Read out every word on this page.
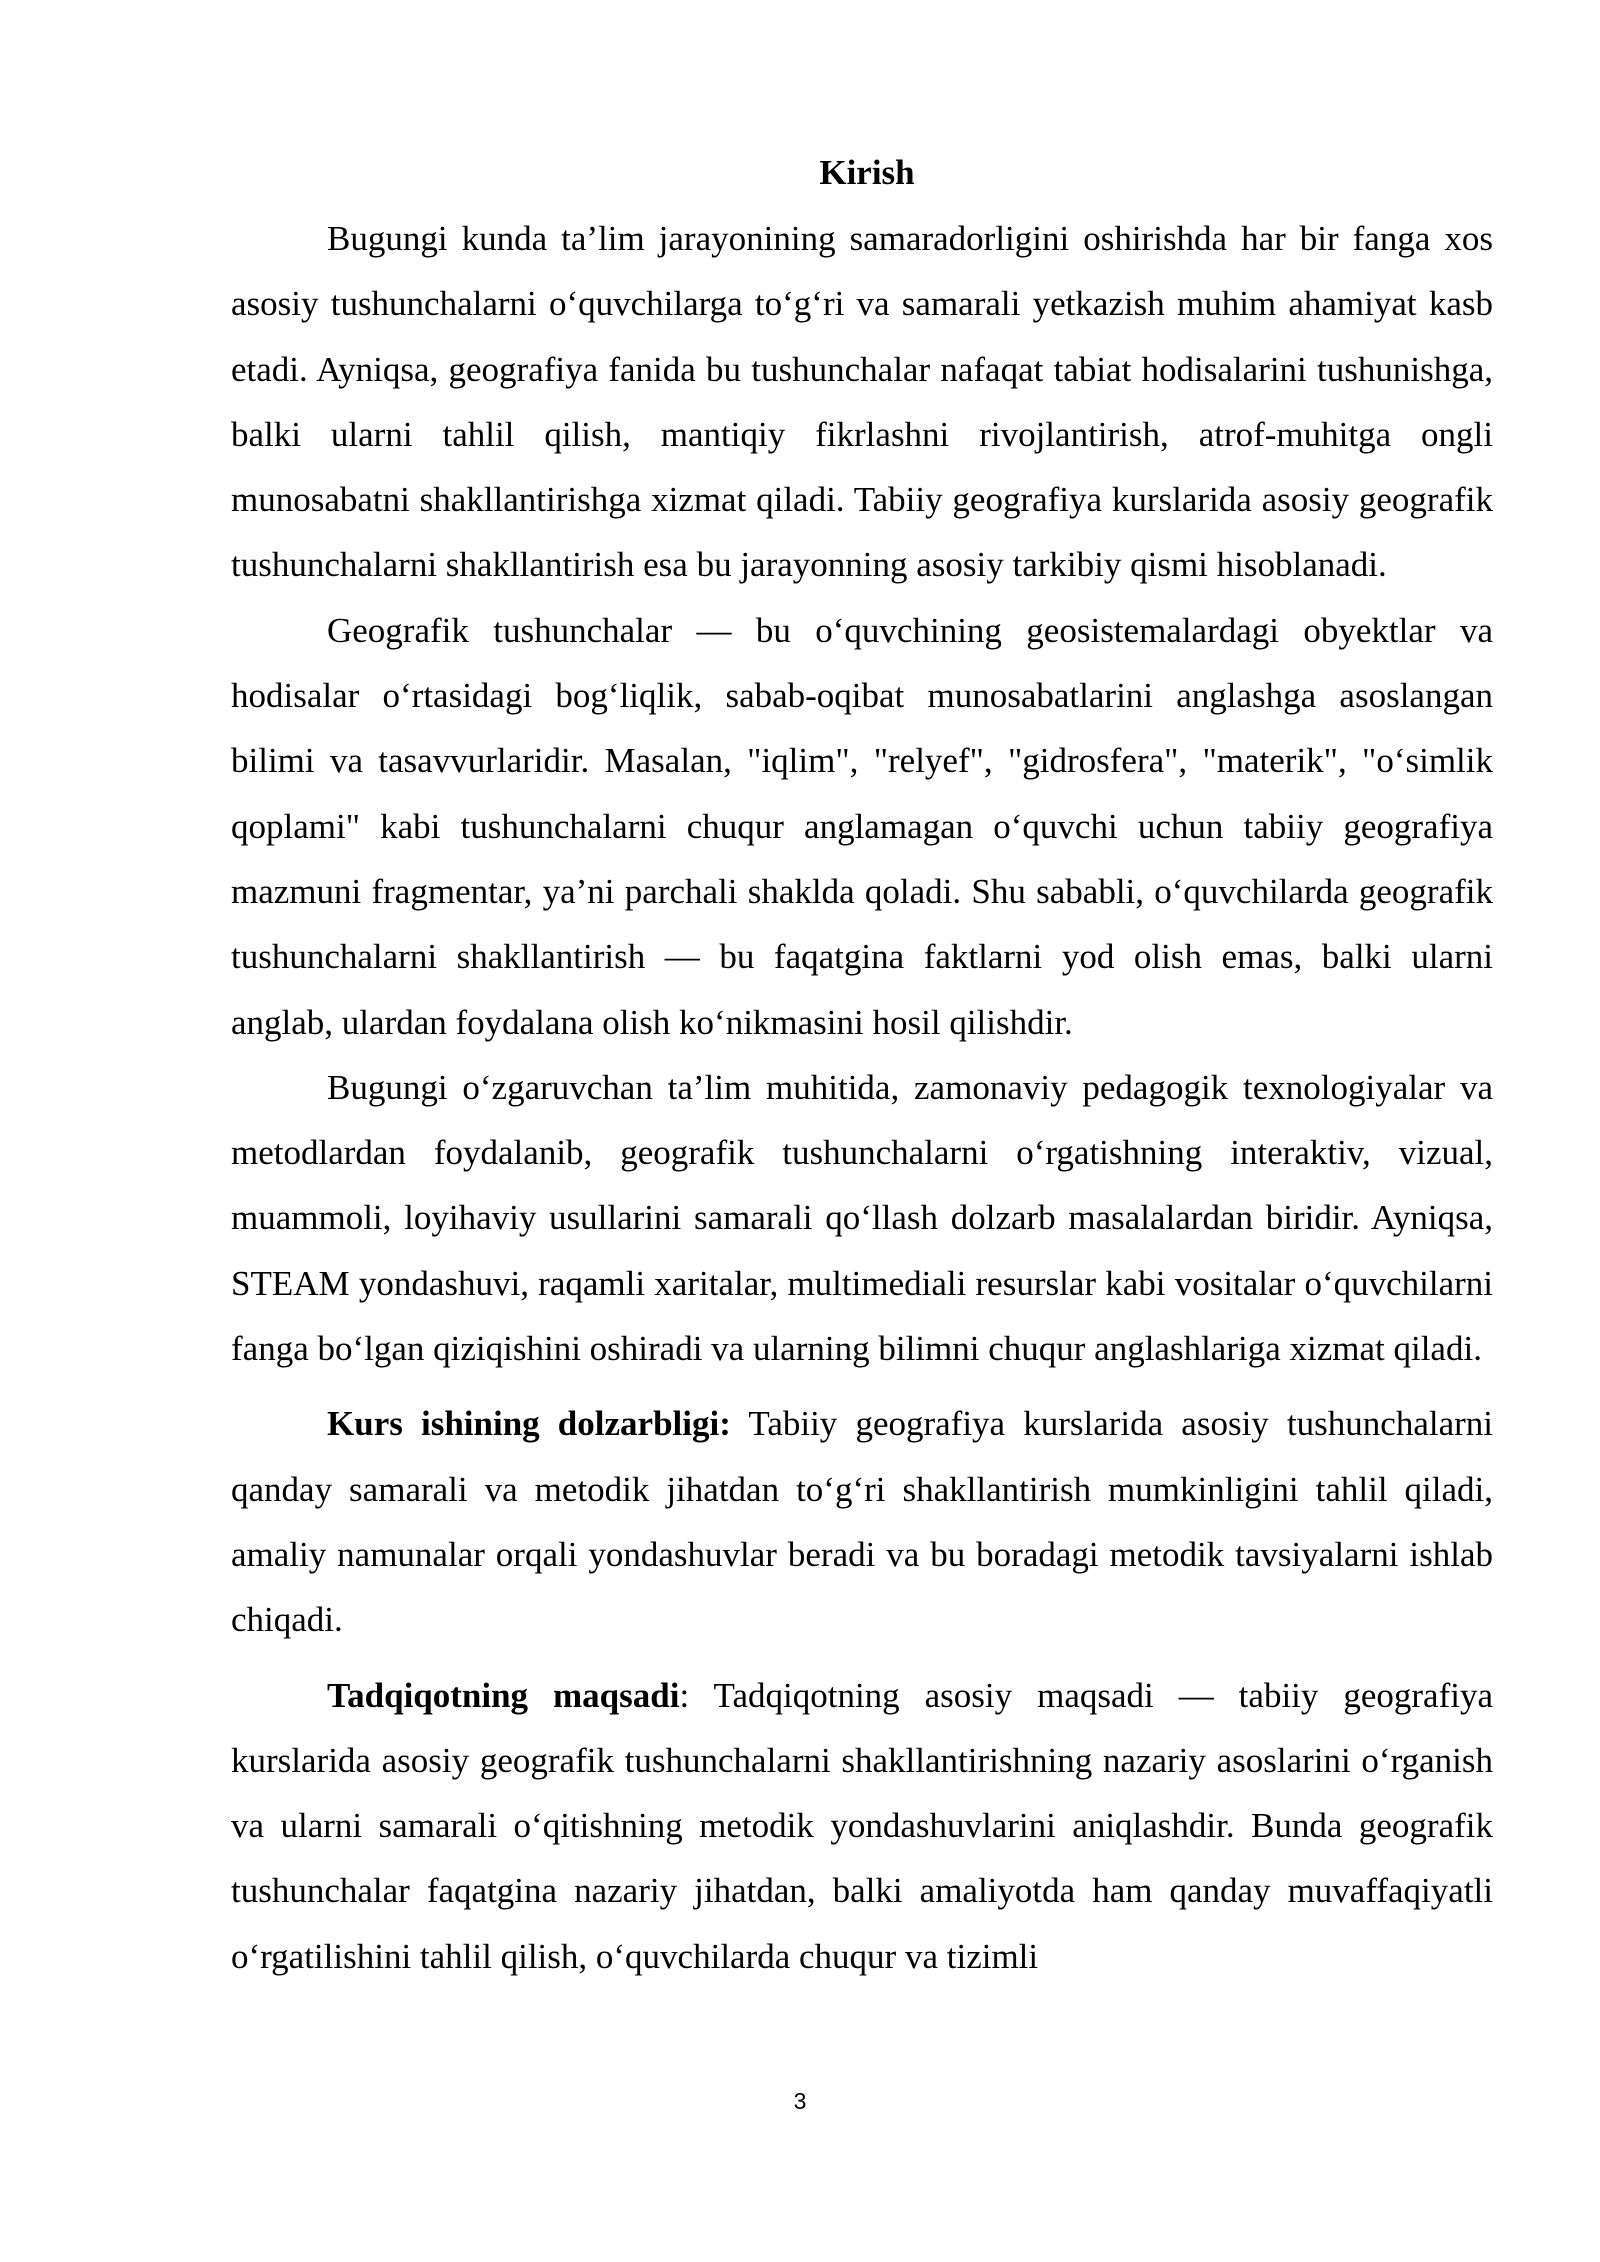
Kirish

Bugungi kunda ta’lim jarayonining samaradorligini oshirishda har bir fanga xos asosiy tushunchalarni o‘quvchilarga to‘g‘ri va samarali yetkazish muhim ahamiyat kasb etadi. Ayniqsa, geografiya fanida bu tushunchalar nafaqat tabiat hodisalarini tushunishga, balki ularni tahlil qilish, mantiqiy fikrlashni rivojlantirish, atrof-muhitga ongli munosabatni shakllantirishga xizmat qiladi. Tabiiy geografiya kurslarida asosiy geografik tushunchalarni shakllantirish esa bu jarayonning asosiy tarkibiy qismi hisoblanadi.

Geografik tushunchalar — bu o‘quvchining geosistemalardagi obyektlar va hodisalar o‘rtasidagi bog‘liqlik, sabab-oqibat munosabatlarini anglashga asoslangan bilimi va tasavvurlaridir. Masalan, "iqlim", "relyef", "gidrosfera", "materik", "o‘simlik qoplami" kabi tushunchalarni chuqur anglamagan o‘quvchi uchun tabiiy geografiya mazmuni fragmentar, ya’ni parchali shaklda qoladi. Shu sababli, o‘quvchilarda geografik tushunchalarni shakllantirish — bu faqatgina faktlarni yod olish emas, balki ularni anglab, ulardan foydalana olish ko‘nikmasini hosil qilishdir.

Bugungi o‘zgaruvchan ta’lim muhitida, zamonaviy pedagogik texnologiyalar va metodlardan foydalanib, geografik tushunchalarni o‘rgatishning interaktiv, vizual, muammoli, loyihaviy usullarini samarali qo‘llash dolzarb masalalardan biridir. Ayniqsa, STEAM yondashuvi, raqamli xaritalar, multimediali resurslar kabi vositalar o‘quvchilarni fanga bo‘lgan qiziqishini oshiradi va ularning bilimni chuqur anglashlariga xizmat qiladi.

Kurs ishining dolzarbligi: Tabiiy geografiya kurslarida asosiy tushunchalarni qanday samarali va metodik jihatdan to‘g‘ri shakllantirish mumkinligini tahlil qiladi, amaliy namunalar orqali yondashuvlar beradi va bu boradagi metodik tavsiyalarni ishlab chiqadi.

Tadqiqotning maqsadi: Tadqiqotning asosiy maqsadi — tabiiy geografiya kurslarida asosiy geografik tushunchalarni shakllantirishning nazariy asoslarini o‘rganish va ularni samarali o‘qitishning metodik yondashuvlarini aniqlashdir. Bunda geografik tushunchalar faqatgina nazariy jihatdan, balki amaliyotda ham qanday muvaffaqiyatli o‘rgatilishini tahlil qilish, o‘quvchilarda chuqur va tizimli

3
